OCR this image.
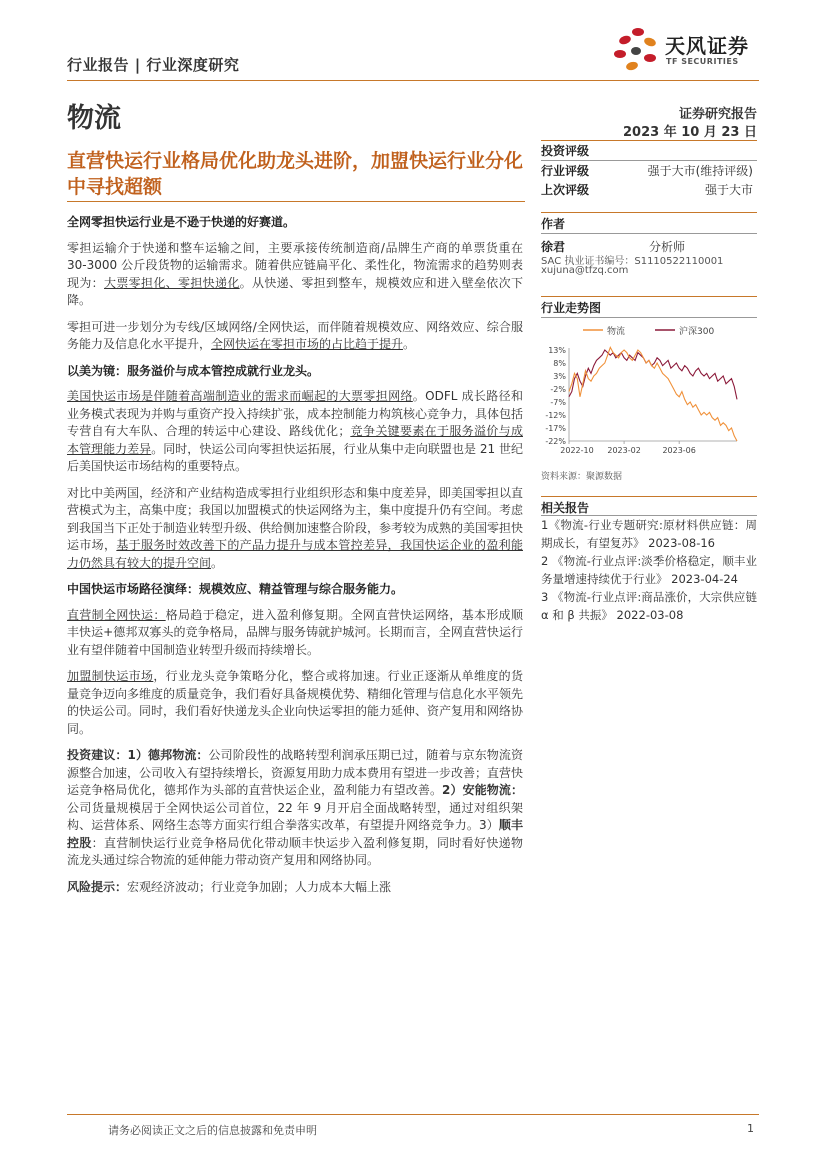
行业报告 | 行业深度研究
天风证券
TF SECURITIES
物流	证券研究报告
2023 年 10 月 23 日
直营快运行业格局优化助龙头进阶，加盟快运行业分化中寻找超额

全网零担快运行业是不逊于快递的好赛道。

零担运输介于快递和整车运输之间，主要承接传统制造商/品牌生产商的单票货重在 30-3000 公斤段货物的运输需求。随着供应链扁平化、柔性化，物流需求的趋势则表现为：大票零担化、零担快递化。从快递、零担到整车，规模效应和进入壁垒依次下降。

零担可进一步划分为专线/区域网络/全网快运，而伴随着规模效应、网络效应、综合服务能力及信息化水平提升，全网快运在零担市场的占比趋于提升。

以美为镜：服务溢价与成本管控成就行业龙头。

美国快运市场是伴随着高端制造业的需求而崛起的大票零担网络。ODFL 成长路径和业务模式表现为并购与重资产投入持续扩张，成本控制能力构筑核心竞争力，具体包括专营自有大车队、合理的转运中心建设、路线优化；竞争关键要素在于服务溢价与成本管理能力差异。同时，快运公司向零担快运拓展，行业从集中走向联盟也是 21 世纪后美国快运市场结构的重要特点。

对比中美两国，经济和产业结构造成零担行业组织形态和集中度差异，即美国零担以直营模式为主，高集中度；我国以加盟模式的快运网络为主，集中度提升仍有空间。考虑到我国当下正处于制造业转型升级、供给侧加速整合阶段，参考较为成熟的美国零担快运市场，基于服务时效改善下的产品力提升与成本管控差异，我国快运企业的盈利能力仍然具有较大的提升空间。

中国快运市场路径演绎：规模效应、精益管理与综合服务能力。

直营制全网快运：格局趋于稳定，进入盈利修复期。全网直营快运网络，基本形成顺丰快运+德邦双寡头的竞争格局，品牌与服务铸就护城河。长期而言，全网直营快运行业有望伴随着中国制造业转型升级而持续增长。

加盟制快运市场，行业龙头竞争策略分化，整合或将加速。行业正逐渐从单维度的货量竞争迈向多维度的质量竞争，我们看好具备规模优势、精细化管理与信息化水平领先的快运公司。同时，我们看好快递龙头企业向快运零担的能力延伸、资产复用和网络协同。

投资建议：1）德邦物流：公司阶段性的战略转型利润承压期已过，随着与京东物流资源整合加速，公司收入有望持续增长，资源复用助力成本费用有望进一步改善；直营快运竞争格局优化，德邦作为头部的直营快运企业，盈利能力有望改善。2）安能物流：公司货量规模居于全网快运公司首位，22 年 9 月开启全面战略转型，通过对组织架构、运营体系、网络生态等方面实行组合拳落实改革，有望提升网络竞争力。3）顺丰控股：直营制快运行业竞争格局优化带动顺丰快运步入盈利修复期，同时看好快递物流龙头通过综合物流的延伸能力带动资产复用和网络协同。

风险提示：宏观经济波动；行业竞争加剧；人力成本大幅上涨

投资评级
行业评级	强于大市(维持评级)
上次评级	强于大市
作者
徐君	分析师
SAC 执业证书编号：S1110522110001
xujuna@tfzq.com
行业走势图
物流	沪深300
13%
8%
3%
-2%
-7%
-12%
-17%
-22%
2022-10 2023-02	2023-06
资料来源：聚源数据
相关报告

1《物流-行业专题研究:原材料供应链：周期成长，有望复苏》 2023-08-16

2 《物流-行业点评:淡季价格稳定，顺丰业务量增速持续优于行业》 2023-04-24

3 《物流-行业点评:商品涨价，大宗供应链 α 和 β 共振》 2022-03-08

请务必阅读正文之后的信息披露和免责申明	1
